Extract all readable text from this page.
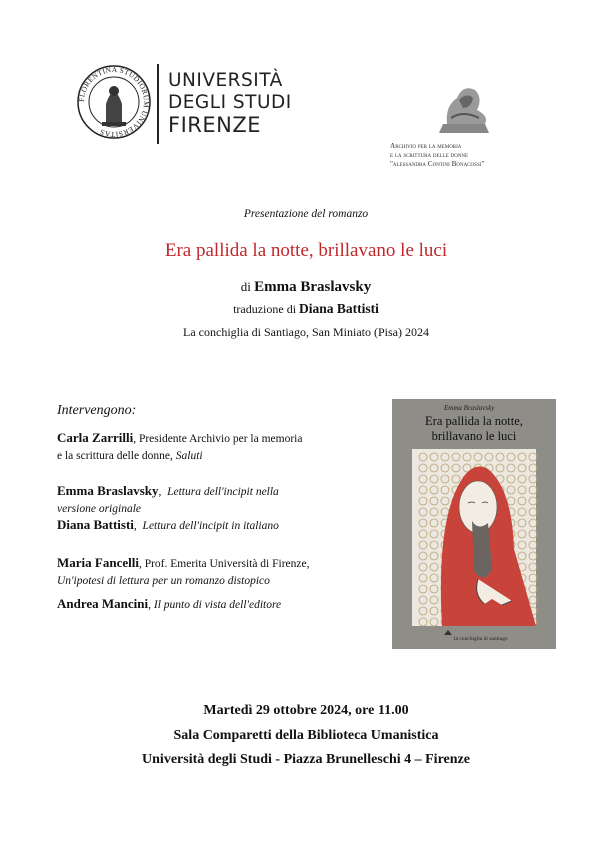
FLORENTINA STUDIORUM UNIVERSITAS
UNIVERSITÀ
DEGLI STUDI
FIRENZE
Archivio per la memoria
e la scrittura delle donne
"alessandra Contini Bonacossi"
Presentazione del romanzo
Era pallida la notte, brillavano le luci
di Emma Braslavsky
traduzione di Diana Battisti
La conchiglia di Santiago, San Miniato (Pisa) 2024
Intervengono:
Carla Zarrilli, Presidente Archivio per la memoria
e la scrittura delle donne, Saluti
Emma Braslavsky,  Lettura dell'incipit nella
versione originale
Diana Battisti,  Lettura dell'incipit in italiano
Maria Fancelli, Prof. Emerita Università di Firenze,
Un'ipotesi di lettura per un romanzo distopico
Andrea Mancini, Il punto di vista dell'editore
Emma Braslavsky
Era pallida la notte,
brillavano le luci
la conchiglia di santiago
Martedì 29 ottobre 2024, ore 11.00
Sala Comparetti della Biblioteca Umanistica
Università degli Studi - Piazza Brunelleschi 4 – Firenze
